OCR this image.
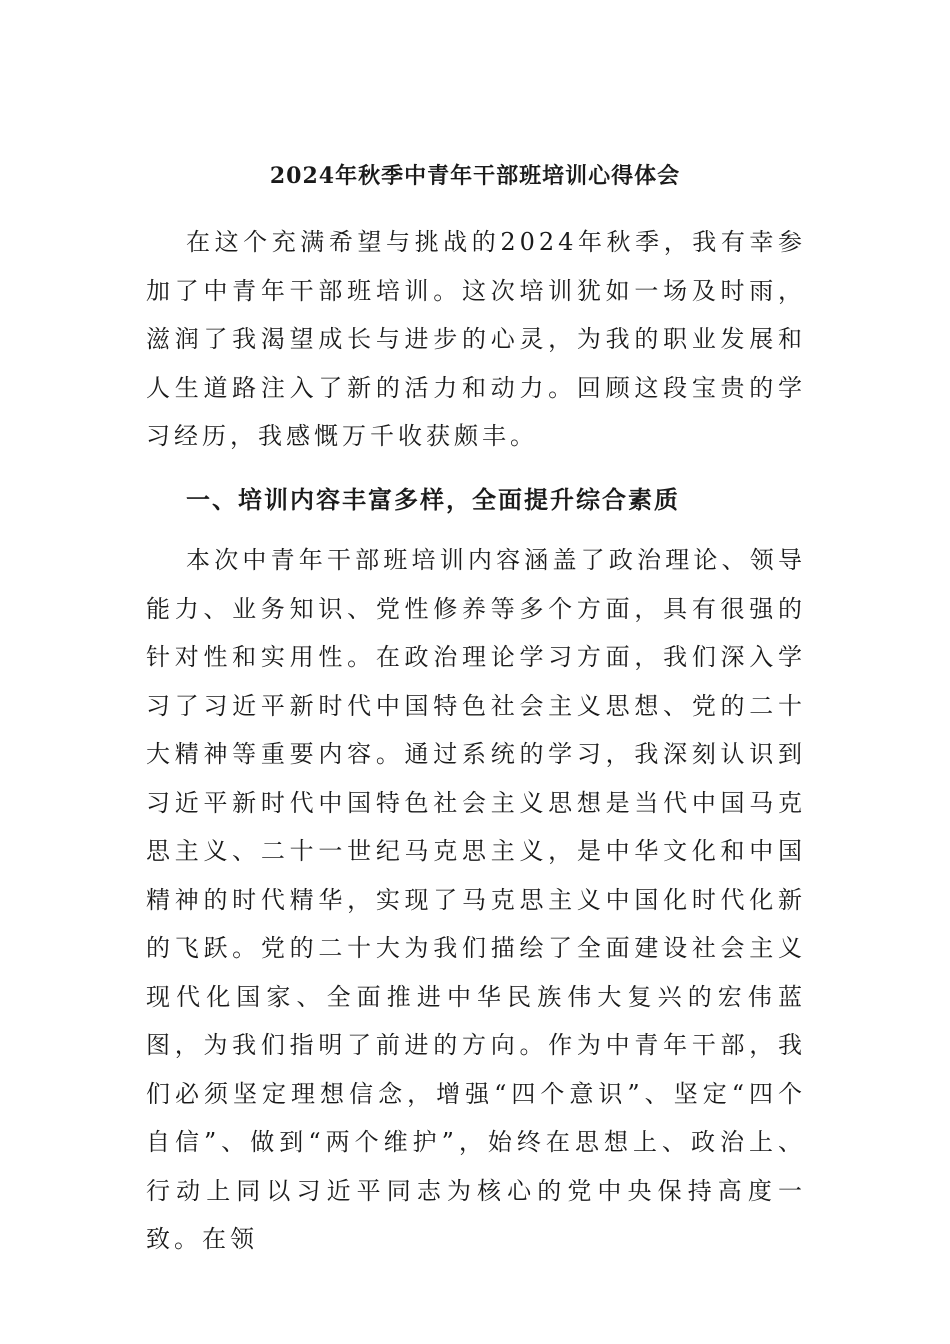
2024年秋季中青年干部班培训心得体会

在这个充满希望与挑战的2024年秋季，我有幸参加了中青年干部班培训。这次培训犹如一场及时雨，滋润了我渴望成长与进步的心灵，为我的职业发展和人生道路注入了新的活力和动力。回顾这段宝贵的学习经历，我感慨万千收获颇丰。

一、培训内容丰富多样，全面提升综合素质

本次中青年干部班培训内容涵盖了政治理论、领导能力、业务知识、党性修养等多个方面，具有很强的针对性和实用性。在政治理论学习方面，我们深入学习了习近平新时代中国特色社会主义思想、党的二十大精神等重要内容。通过系统的学习，我深刻认识到习近平新时代中国特色社会主义思想是当代中国马克思主义、二十一世纪马克思主义，是中华文化和中国精神的时代精华，实现了马克思主义中国化时代化新的飞跃。党的二十大为我们描绘了全面建设社会主义现代化国家、全面推进中华民族伟大复兴的宏伟蓝图，为我们指明了前进的方向。作为中青年干部，我们必须坚定理想信念，增强“四个意识”、坚定“四个自信”、做到“两个维护”，始终在思想上、政治上、行动上同以习近平同志为核心的党中央保持高度一致。在领
